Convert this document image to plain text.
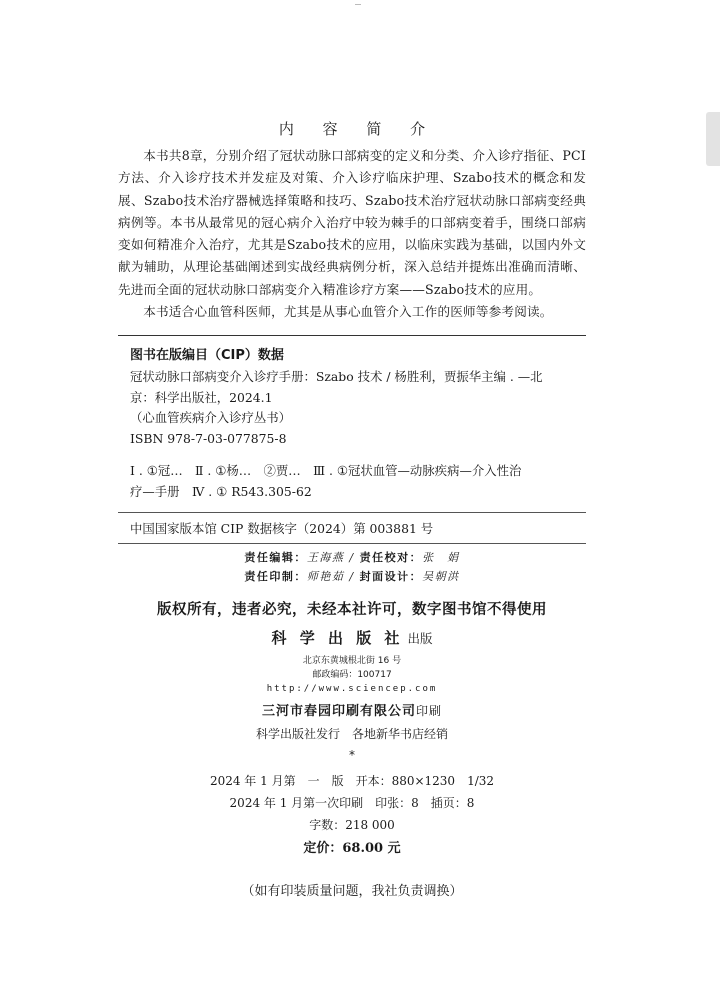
内 容 简 介

本书共8章，分别介绍了冠状动脉口部病变的定义和分类、介入诊疗指征、PCI方法、介入诊疗技术并发症及对策、介入诊疗临床护理、Szabo技术的概念和发展、Szabo技术治疗器械选择策略和技巧、Szabo技术治疗冠状动脉口部病变经典病例等。本书从最常见的冠心病介入治疗中较为棘手的口部病变着手，围绕口部病变如何精准介入治疗，尤其是Szabo技术的应用，以临床实践为基础，以国内外文献为辅助，从理论基础阐述到实战经典病例分析，深入总结并提炼出准确而清晰、先进而全面的冠状动脉口部病变介入精准诊疗方案——Szabo技术的应用。

本书适合心血管科医师，尤其是从事心血管介入工作的医师等参考阅读。

图书在版编目（CIP）数据
冠状动脉口部病变介入诊疗手册：Szabo 技术 / 杨胜利，贾振华主编 . —北
京：科学出版社，2024.1
（心血管疾病介入诊疗丛书）
ISBN 978-7-03-077875-8
Ⅰ . ①冠…　Ⅱ . ①杨…　②贾…　Ⅲ . ①冠状血管—动脉疾病—介入性治
疗—手册　Ⅳ . ① R543.305-62
中国国家版本馆 CIP 数据核字（2024）第 003881 号
责任编辑：王海燕 / 责任校对：张　娟
责任印制：师艳茹 / 封面设计：吴朝洪
版权所有，违者必究，未经本社许可，数字图书馆不得使用
科 学 出 版 社 出版
北京东黄城根北街 16 号
邮政编码：100717
http://www.sciencep.com
三河市春园印刷有限公司印刷
科学出版社发行　各地新华书店经销
*
2024 年 1 月第　一　版　开本：880×1230　1/32
2024 年 1 月第一次印刷　印张：8　插页：8
字数：218 000
定价：68.00 元
（如有印装质量问题，我社负责调换）
